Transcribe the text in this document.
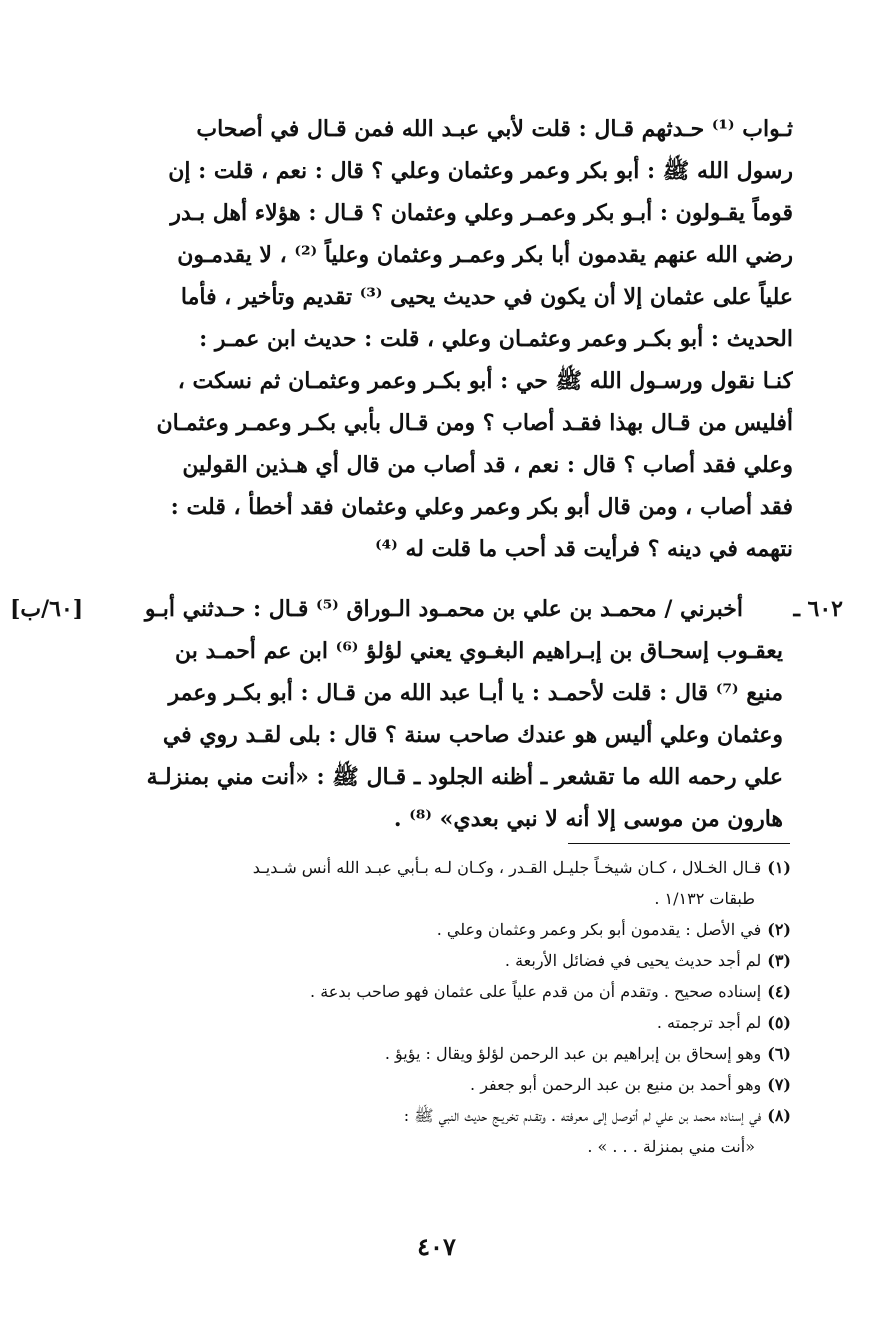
ثـواب ⁽¹⁾ حـدثهم قـال : قلت لأبي عبـد الله فمن قـال في أصحاب
رسول الله ﷺ : أبو بكر وعمر وعثمان وعلي ؟ قال : نعم ، قلت : إن
قوماً يقـولون : أبـو بكر وعمـر وعلي وعثمان ؟ قـال : هؤلاء أهل بـدر
رضي الله عنهم يقدمون أبا بكر وعمـر وعثمان وعلياً ⁽²⁾ ، لا يقدمـون
علياً على عثمان إلا أن يكون في حديث يحيى ⁽³⁾ تقديم وتأخير ، فأما
الحديث : أبو بكـر وعمر وعثمـان وعلي ، قلت : حديث ابن عمـر :
كنـا نقول ورسـول الله ﷺ حي : أبو بكـر وعمر وعثمـان ثم نسكت ،
أفليس من قـال بهذا فقـد أصاب ؟ ومن قـال بأبي بكـر وعمـر وعثمـان
وعلي فقد أصاب ؟ قال : نعم ، قد أصاب من قال أي هـذين القولين
فقد أصاب ، ومن قال أبو بكر وعمر وعلي وعثمان فقد أخطأ ، قلت :
نتهمه في دينه ؟ فرأيت قد أحب ما قلت له ⁽⁴⁾
٦٠٢ ـ
[٦٠/ب]	أخبرني / محمـد بن علي بن محمـود الـوراق ⁽⁵⁾ قـال : حـدثني أبـو
يعقـوب إسحـاق بن إبـراهيم البغـوي يعني لؤلؤ ⁽⁶⁾ ابن عم أحمـد بن
منيع ⁽⁷⁾ قال : قلت لأحمـد : يا أبـا عبد الله من قـال : أبو بكـر وعمر
وعثمان وعلي أليس هو عندك صاحب سنة ؟ قال : بلى لقـد روي في
علي رحمه الله ما تقشعر ـ أظنه الجلود ـ قـال ﷺ : «أنت مني بمنزلـة
هارون من موسى إلا أنه لا نبي بعدي» ⁽⁸⁾ .
(١)قـال الخـلال ، كـان شيخـاً جليـل القـدر ، وكـان لـه بـأبي عبـد الله أنس شـديـد
طبقات ١/١٣٢ .
(٢)في الأصل : يقدمون أبو بكر وعمر وعثمان وعلي .
(٣)لم أجد حديث يحيى في فضائل الأربعة .
(٤)إسناده صحيح . وتقدم أن من قدم علياً على عثمان فهو صاحب بدعة .
(٥)لم أجد ترجمته .
(٦)وهو إسحاق بن إبراهيم بن عبد الرحمن لؤلؤ ويقال : يؤيؤ .
(٧)وهو أحمد بن منيع بن عبد الرحمن أبو جعفر .
(٨)في إسناده محمد بن علي لم أتوصل إلى معرفته . وتقـدم تخريـج حديث النبي ﷺ :
«أنت مني بمنزلة . . . » .
٤٠٧
